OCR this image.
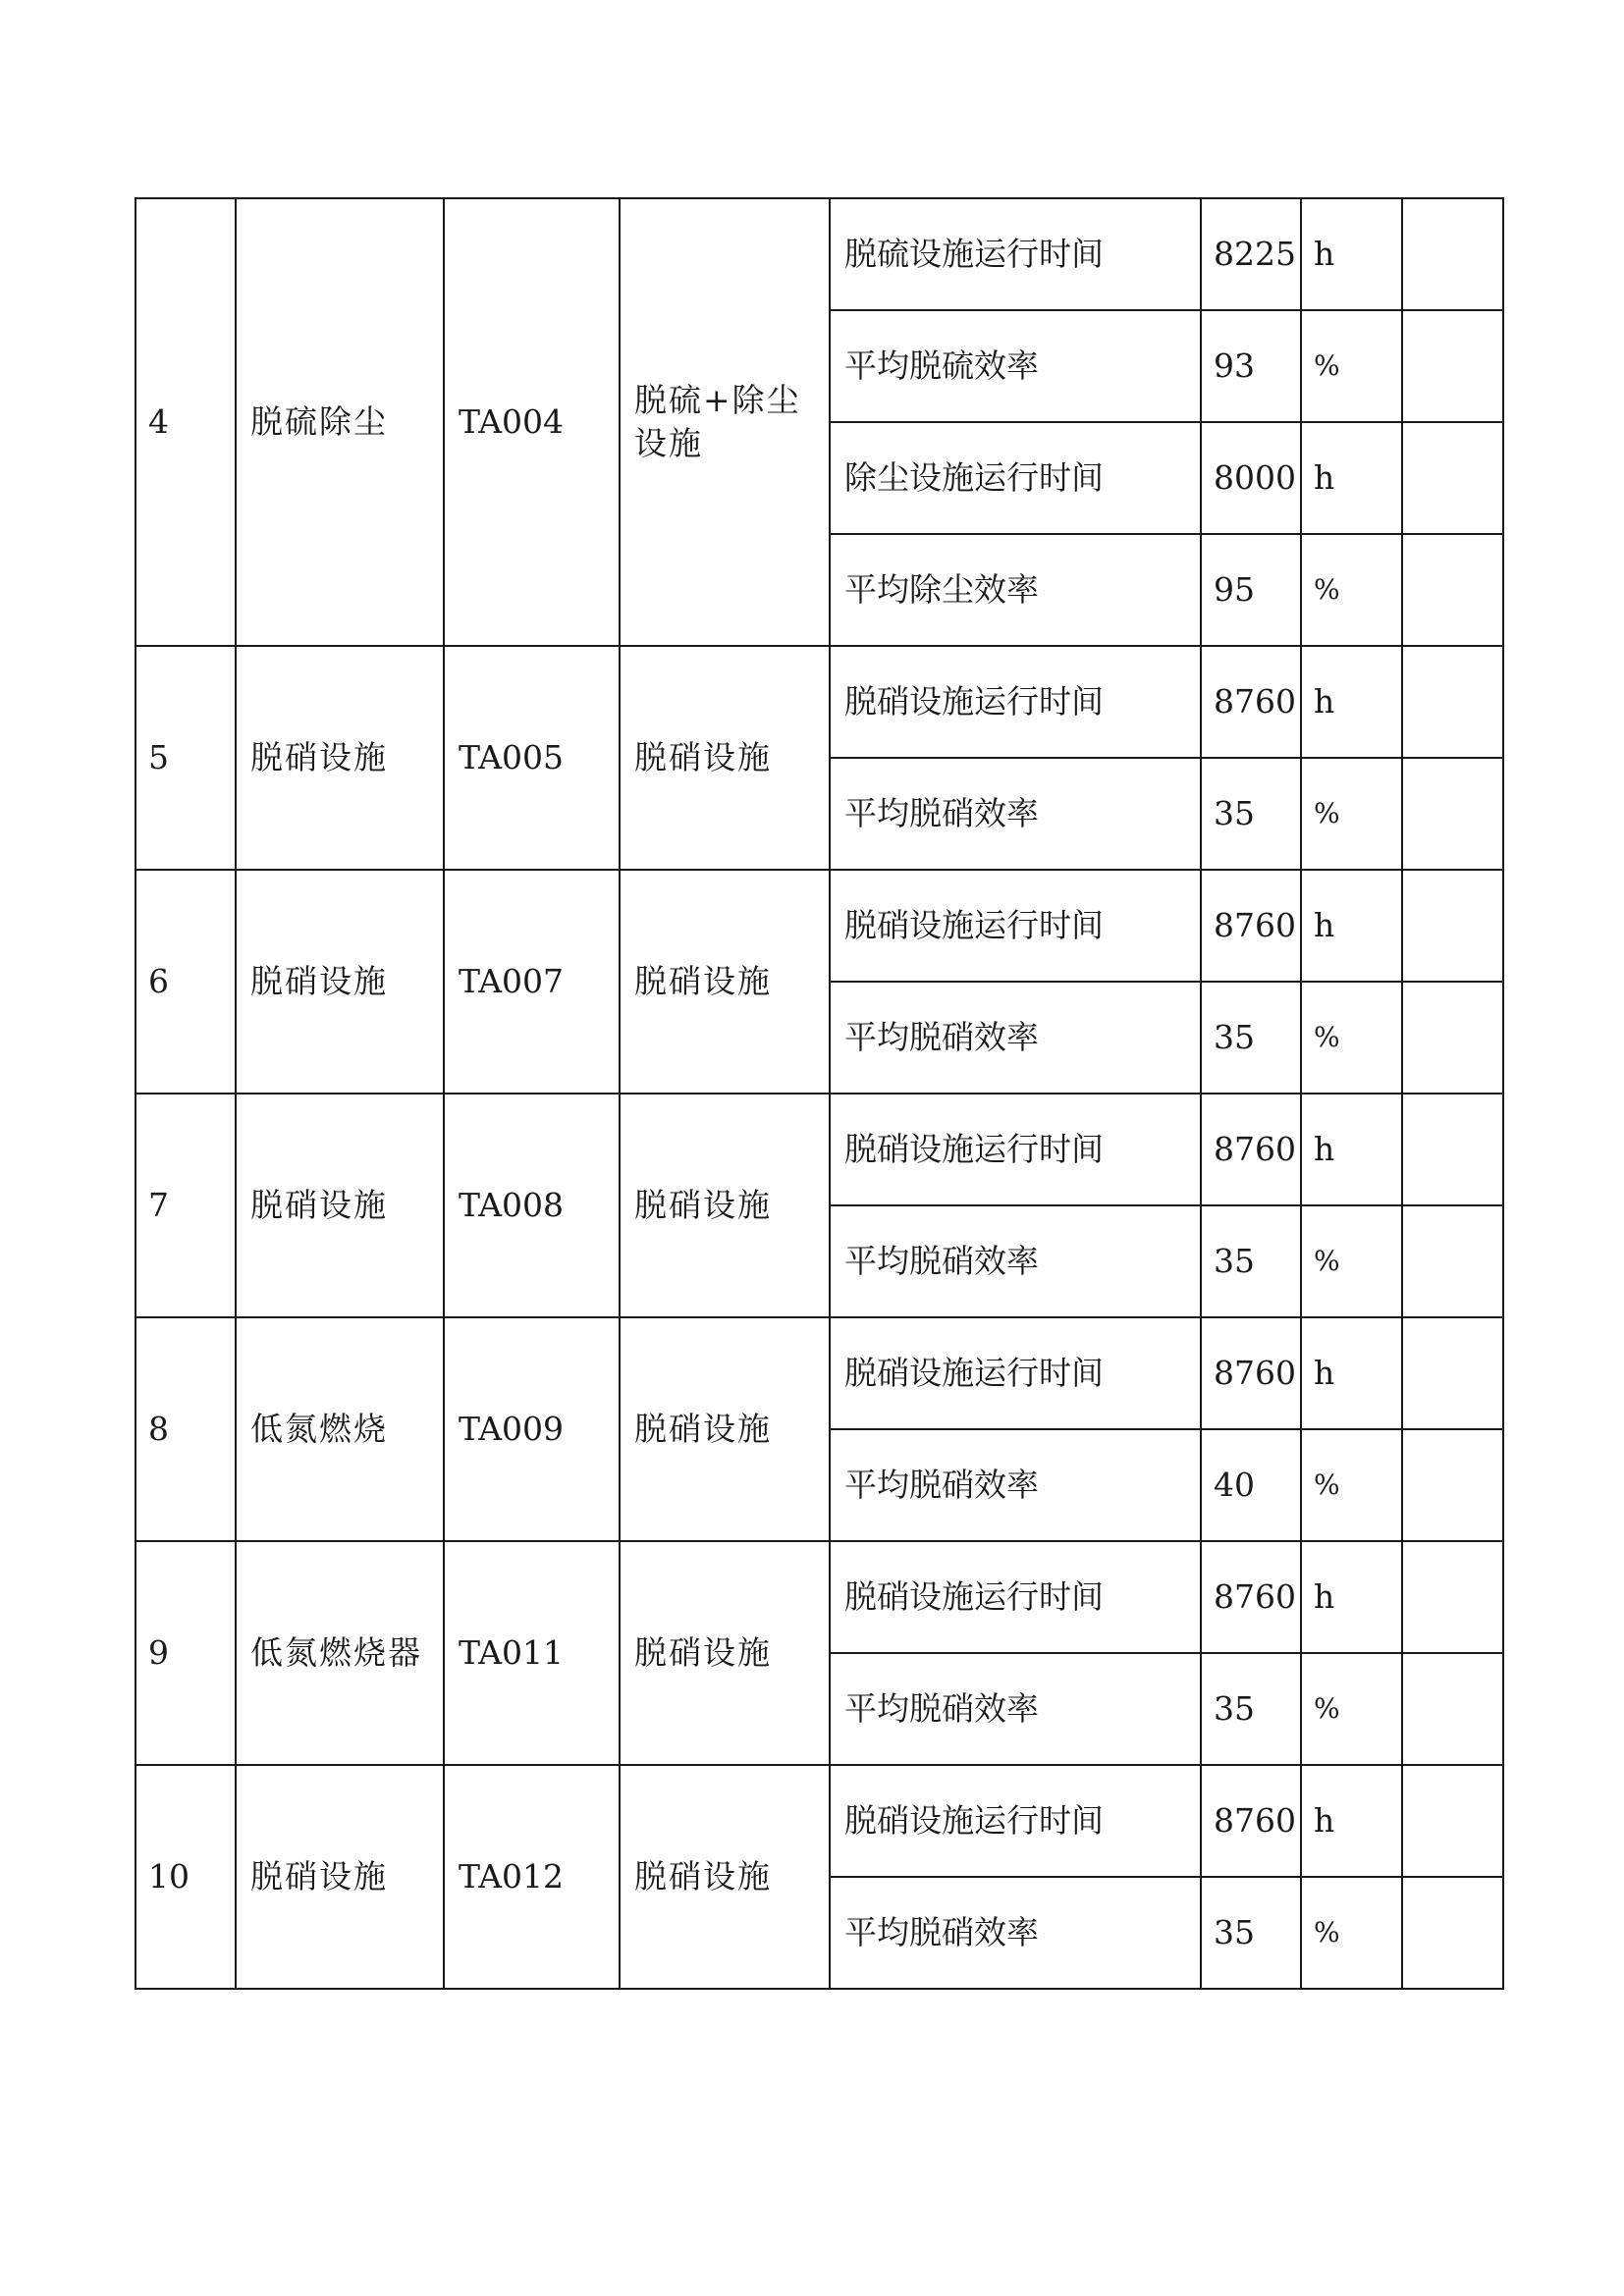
4	脱硫除尘	TA004	脱硫+除尘设施	脱硫设施运行时间	8225	h	
				平均脱硫效率	93	%	
				除尘设施运行时间	8000	h	
				平均除尘效率	95	%	
5	脱硝设施	TA005	脱硝设施	脱硝设施运行时间	8760	h	
				平均脱硝效率	35	%	
6	脱硝设施	TA007	脱硝设施	脱硝设施运行时间	8760	h	
				平均脱硝效率	35	%	
7	脱硝设施	TA008	脱硝设施	脱硝设施运行时间	8760	h	
				平均脱硝效率	35	%	
8	低氮燃烧	TA009	脱硝设施	脱硝设施运行时间	8760	h	
				平均脱硝效率	40	%	
9	低氮燃烧器	TA011	脱硝设施	脱硝设施运行时间	8760	h	
				平均脱硝效率	35	%	
10	脱硝设施	TA012	脱硝设施	脱硝设施运行时间	8760	h	
				平均脱硝效率	35	%	
